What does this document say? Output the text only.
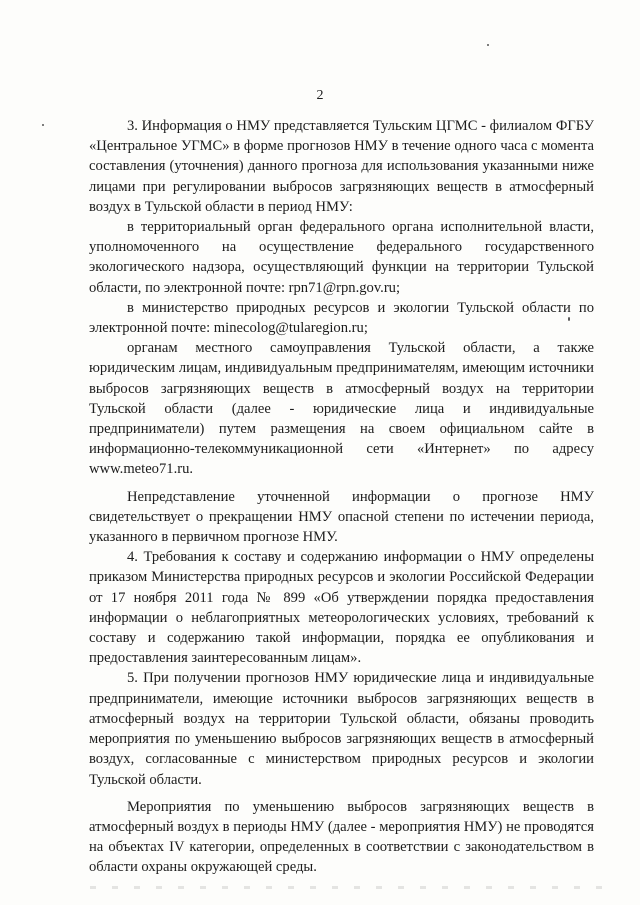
2

3. Информация о НМУ представляется Тульским ЦГМС - филиалом ФГБУ «Центральное УГМС» в форме прогнозов НМУ в течение одного часа с момента составления (уточнения) данного прогноза для использования указанными ниже лицами при регулировании выбросов загрязняющих веществ в атмосферный воздух в Тульской области в период НМУ:

в территориальный орган федерального органа исполнительной власти, уполномоченного на осуществление федерального государственного экологического надзора, осуществляющий функции на территории Тульской области, по электронной почте: rpn71@rpn.gov.ru;

в министерство природных ресурсов и экологии Тульской области по электронной почте: minecolog@tularegion.ru;

органам местного самоуправления Тульской области, а также юридическим лицам, индивидуальным предпринимателям, имеющим источники выбросов загрязняющих веществ в атмосферный воздух на территории Тульской области (далее - юридические лица и индивидуальные предприниматели) путем размещения на своем официальном сайте в информационно-телекоммуникационной сети «Интернет» по адресу www.meteo71.ru.

Непредставление уточненной информации о прогнозе НМУ свидетельствует о прекращении НМУ опасной степени по истечении периода, указанного в первичном прогнозе НМУ.

4. Требования к составу и содержанию информации о НМУ определены приказом Министерства природных ресурсов и экологии Российской Федерации от 17 ноября 2011 года № 899 «Об утверждении порядка предоставления информации о неблагоприятных метеорологических условиях, требований к составу и содержанию такой информации, порядка ее опубликования и предоставления заинтересованным лицам».

5. При получении прогнозов НМУ юридические лица и индивидуальные предприниматели, имеющие источники выбросов загрязняющих веществ в атмосферный воздух на территории Тульской области, обязаны проводить мероприятия по уменьшению выбросов загрязняющих веществ в атмосферный воздух, согласованные с министерством природных ресурсов и экологии Тульской области.

Мероприятия по уменьшению выбросов загрязняющих веществ в атмосферный воздух в периоды НМУ (далее - мероприятия НМУ) не проводятся на объектах IV категории, определенных в соответствии с законодательством в области охраны окружающей среды.
